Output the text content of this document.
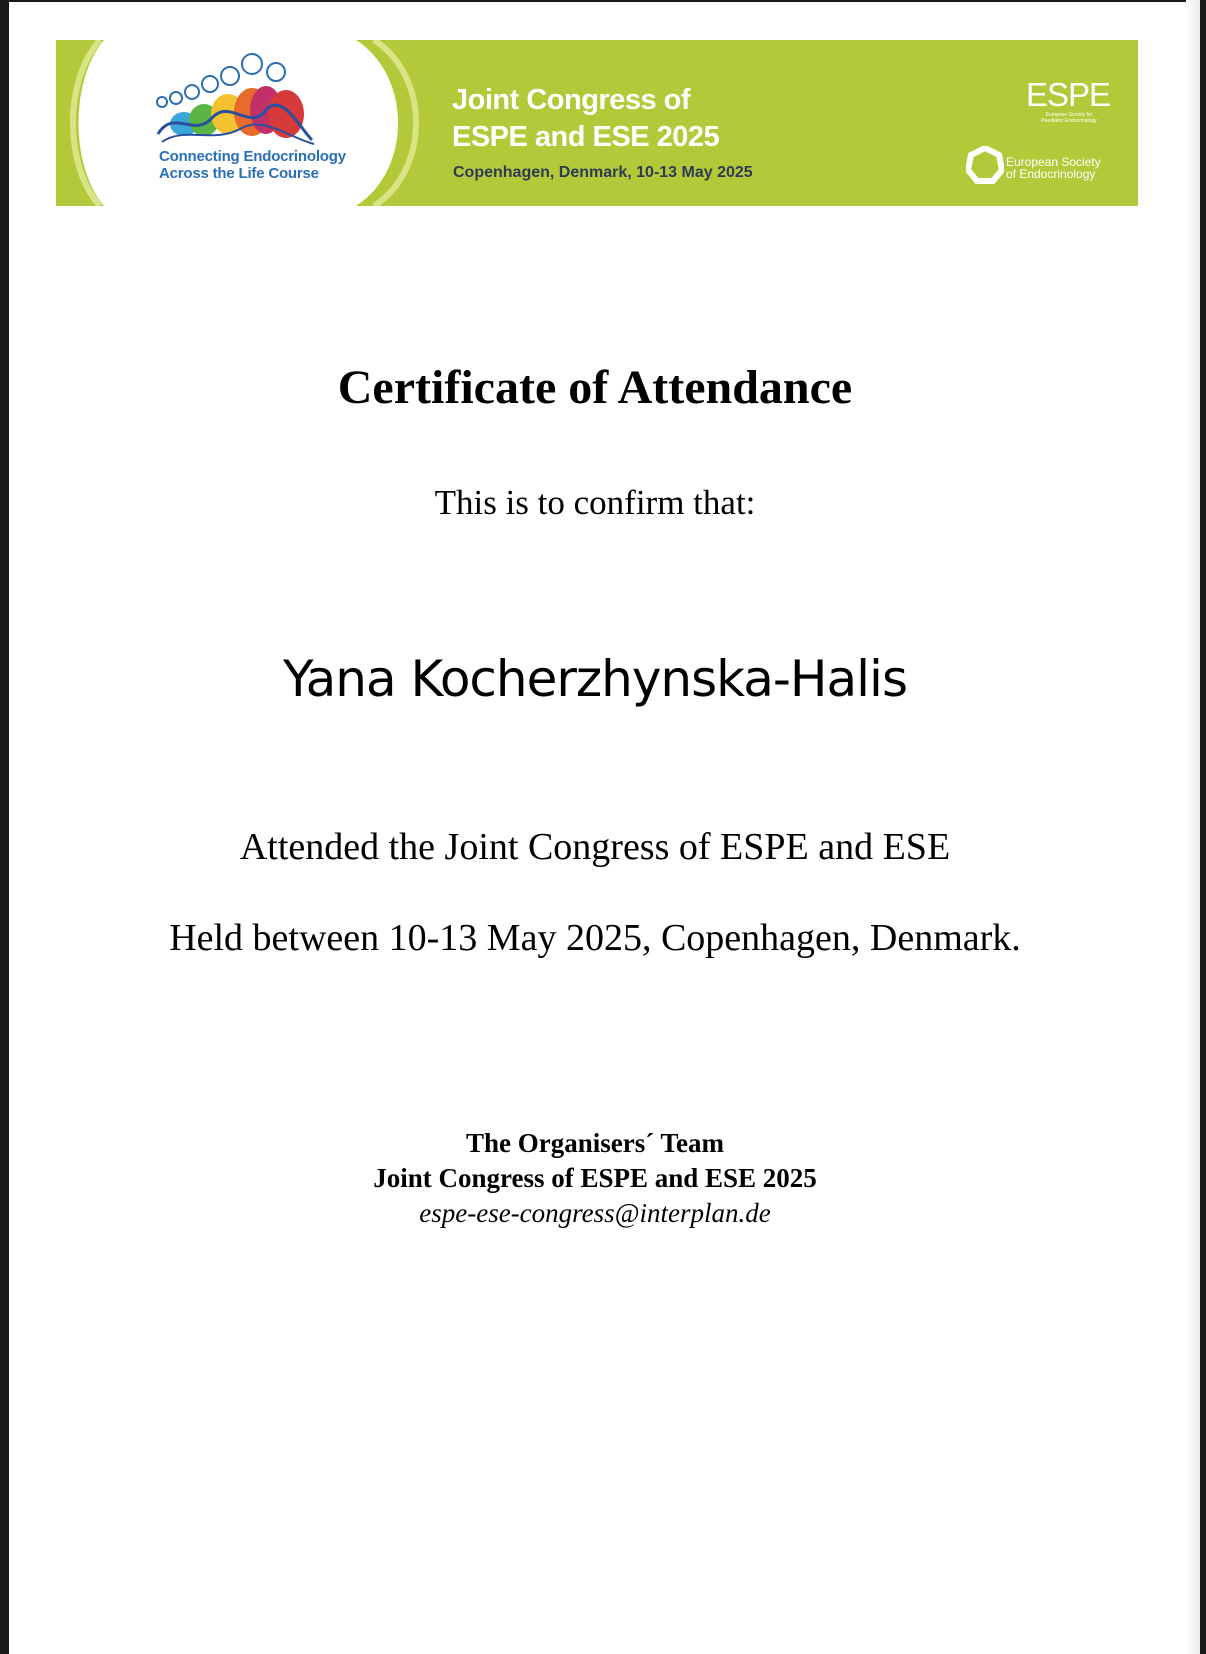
Connecting Endocrinology
Across the Life Course
Joint Congress of
ESPE and ESE 2025
Copenhagen, Denmark, 10-13 May 2025
ESPE
European Society for
Paediatric Endocrinology
European Society
of Endocrinology
Certificate of Attendance
This is to confirm that:
Yana Kocherzhynska-Halis
Attended the Joint Congress of ESPE and ESE
Held between 10-13 May 2025, Copenhagen, Denmark.
The Organisers´ Team
Joint Congress of ESPE and ESE 2025
espe-ese-congress@interplan.de
